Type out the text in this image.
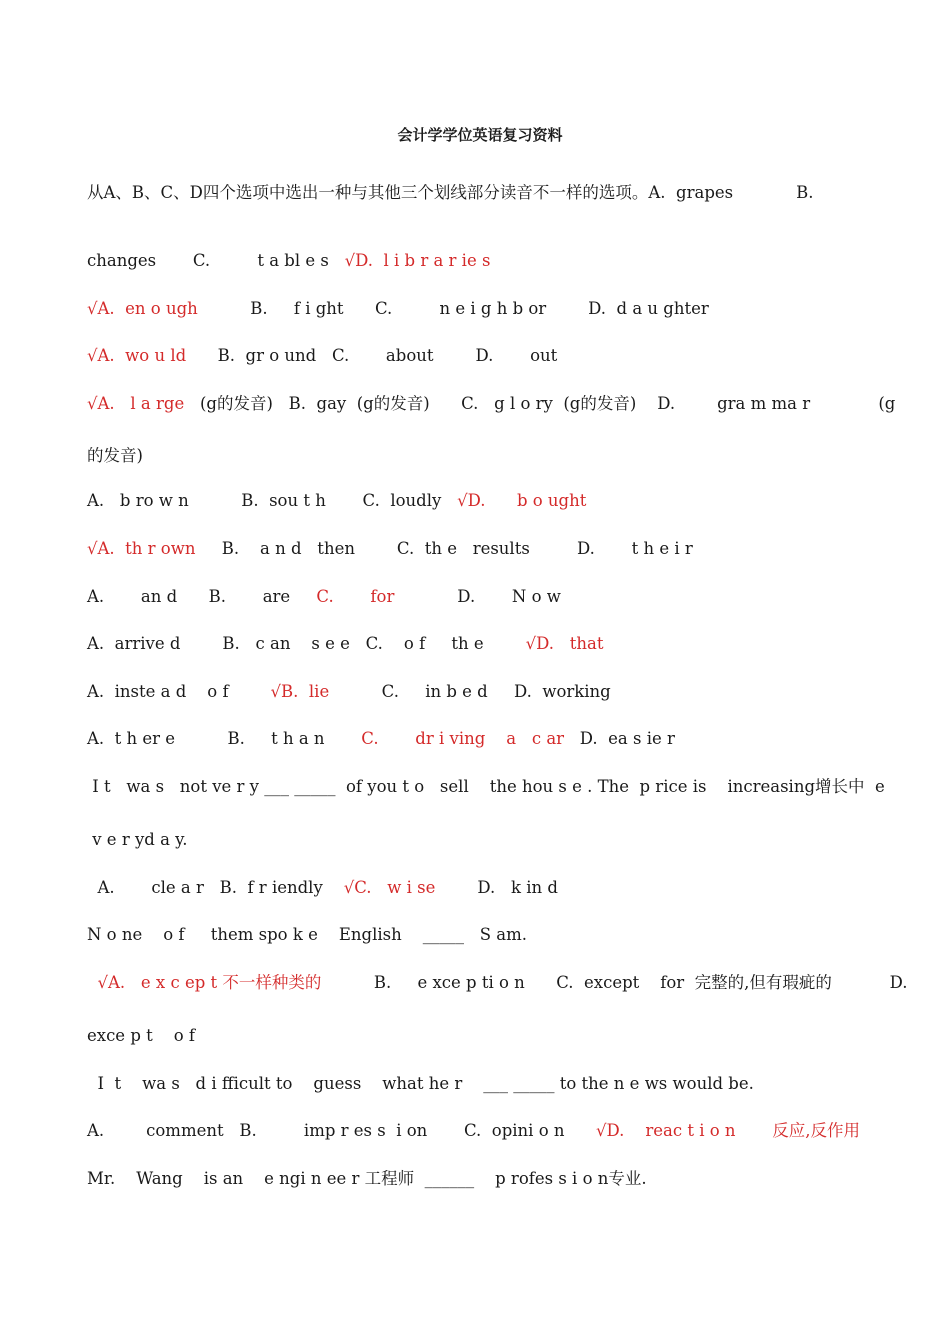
会计学学位英语复习资料
从A、B、C、D四个选项中选出一种与其他三个划线部分读音不一样的选项。A.  grapes            B.
changes       C.         t a bl e s   √D.  l i b r a r ie s
√A.  en o ugh          B.     f i ght      C.         n e i g h b or        D.  d a u ghter
√A.  wo u ld      B.  gr o und   C.       about        D.       out
√A.   l a rge   (g的发音)   B.  gay  (g的发音)      C.   g l o ry  (g的发音)    D.        gra m ma r             (g
的发音)
A.   b ro w n          B.  sou t h       C.  loudly   √D.      b o ught
√A.  th r own     B.    a n d   then        C.  th e   results         D.       t h e i r
A.       an d      B.       are     C.       for            D.       N o w
A.  arrive d        B.   c an    s e e   C.    o f     th e        √D.   that
A.  inste a d    o f        √B.  lie          C.     in b e d     D.  working
A.  t h er e          B.     t h a n       C.       dr i ving    a   c ar   D.  ea s ie r
I t   wa s   not ve r y ___ _____  of you t o   sell    the hou s e . The  p rice is    increasing增长中  e
v e r yd a y.
A.       cle a r   B.  f r iendly    √C.   w i se        D.   k in d
N o ne    o f     them spo k e    English    _____   S am.
√A.   e x c ep t 不一样种类的          B.     e xce p ti o n      C.  except    for  完整的,但有瑕疵的           D.
exce p t    o f
I  t    wa s   d i fficult to    guess    what he r    ___ _____ to the n e ws would be.
A.        comment   B.         imp r es s  i on       C.  opini o n      √D.    reac t i o n       反应,反作用
Mr.    Wang    is an    e ngi n ee r 工程师  ______    p rofes s i o n专业.
